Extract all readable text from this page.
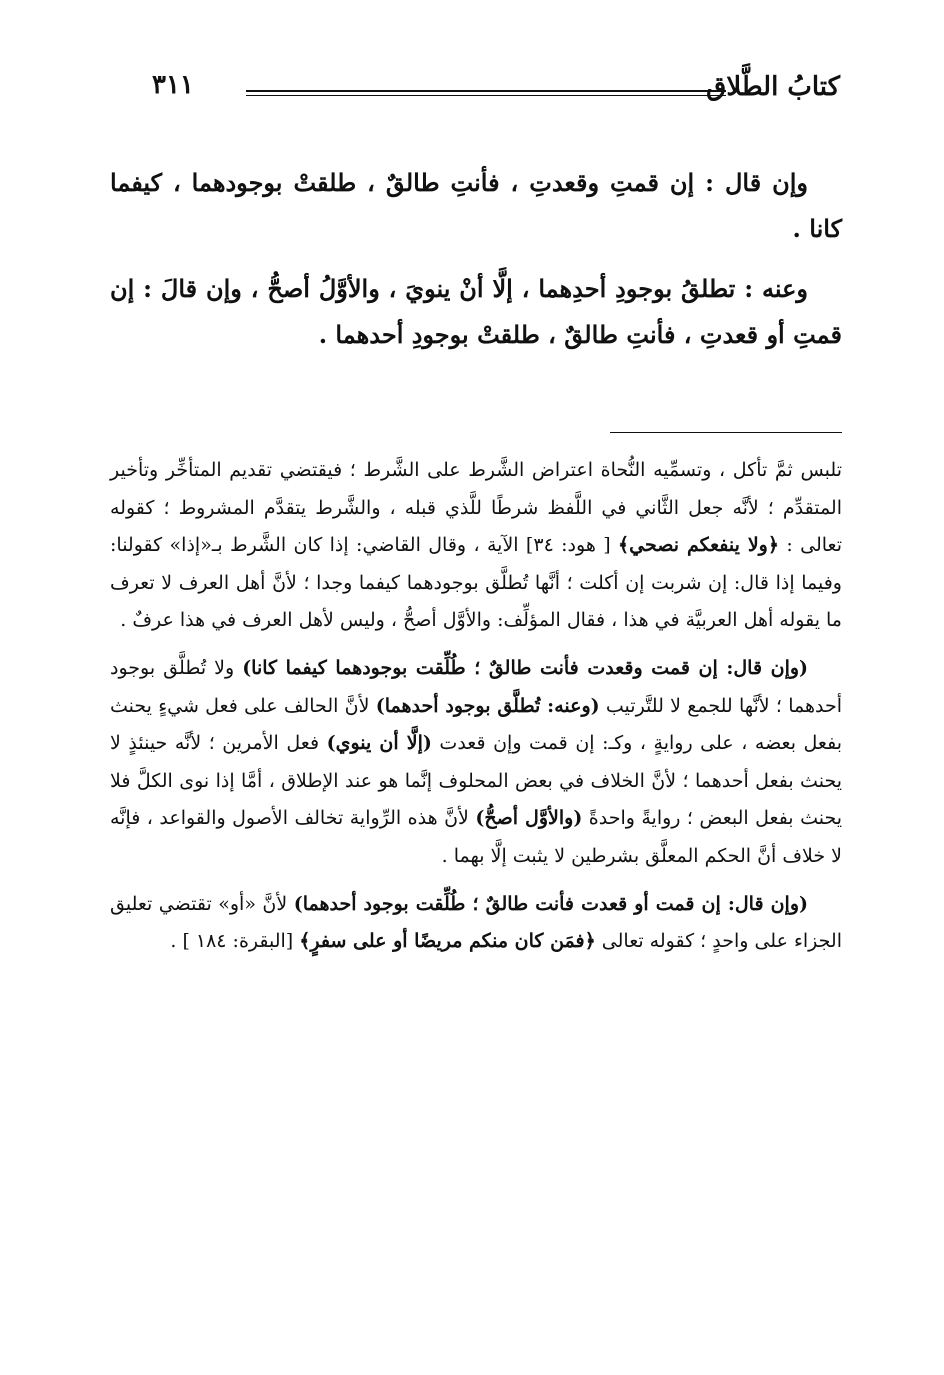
كتابُ الطَّلاق
٣١١

وإن قال : إن قمتِ وقعدتِ ، فأنتِ طالقٌ ، طلقتْ بوجودهما ، كيفما كانا .

وعنه : تطلقُ بوجودِ أحدِهما ، إلَّا أنْ ينويَ ، والأوَّلُ أصحُّ ، وإن قالَ : إن قمتِ أو قعدتِ ، فأنتِ طالقٌ ، طلقتْ بوجودِ أحدهما .

تلبس ثمَّ تأكل ، وتسمِّيه النُّحاة اعتراض الشَّرط على الشَّرط ؛ فيقتضي تقديم المتأخِّر وتأخير المتقدِّم ؛ لأنَّه جعل الثَّاني في اللَّفظ شرطًا للَّذي قبله ، والشَّرط يتقدَّم المشروط ؛ كقوله تعالى : ﴿ولا ينفعكم نصحي﴾ [ هود: ٣٤] الآية ، وقال القاضي: إذا كان الشَّرط بـ«إذا» كقولنا: وفيما إذا قال: إن شربت إن أكلت ؛ أنَّها تُطلَّق بوجودهما كيفما وجدا ؛ لأنَّ أهل العرف لا تعرف ما يقوله أهل العربيَّة في هذا ، فقال المؤلِّف: والأوَّل أصحُّ ، وليس لأهل العرف في هذا عرفٌ .

(وإن قال: إن قمت وقعدت فأنت طالقٌ ؛ طُلِّقت بوجودهما كيفما كانا) ولا تُطلَّق بوجود أحدهما ؛ لأنَّها للجمع لا للتَّرتيب (وعنه: تُطلَّق بوجود أحدهما) لأنَّ الحالف على فعل شيءٍ يحنث بفعل بعضه ، على روايةٍ ، وكـ: إن قمت وإن قعدت (إلَّا أن ينوي) فعل الأمرين ؛ لأنَّه حينئذٍ لا يحنث بفعل أحدهما ؛ لأنَّ الخلاف في بعض المحلوف إنَّما هو عند الإطلاق ، أمَّا إذا نوى الكلَّ فلا يحنث بفعل البعض ؛ روايةً واحدةً (والأوَّل أصحُّ) لأنَّ هذه الرِّواية تخالف الأصول والقواعد ، فإنَّه لا خلاف أنَّ الحكم المعلَّق بشرطين لا يثبت إلَّا بهما .

(وإن قال: إن قمت أو قعدت فأنت طالقٌ ؛ طُلِّقت بوجود أحدهما) لأنَّ «أو» تقتضي تعليق الجزاء على واحدٍ ؛ كقوله تعالى ﴿فمَن كان منكم مريضًا أو على سفرٍ﴾ [البقرة: ١٨٤ ] .
